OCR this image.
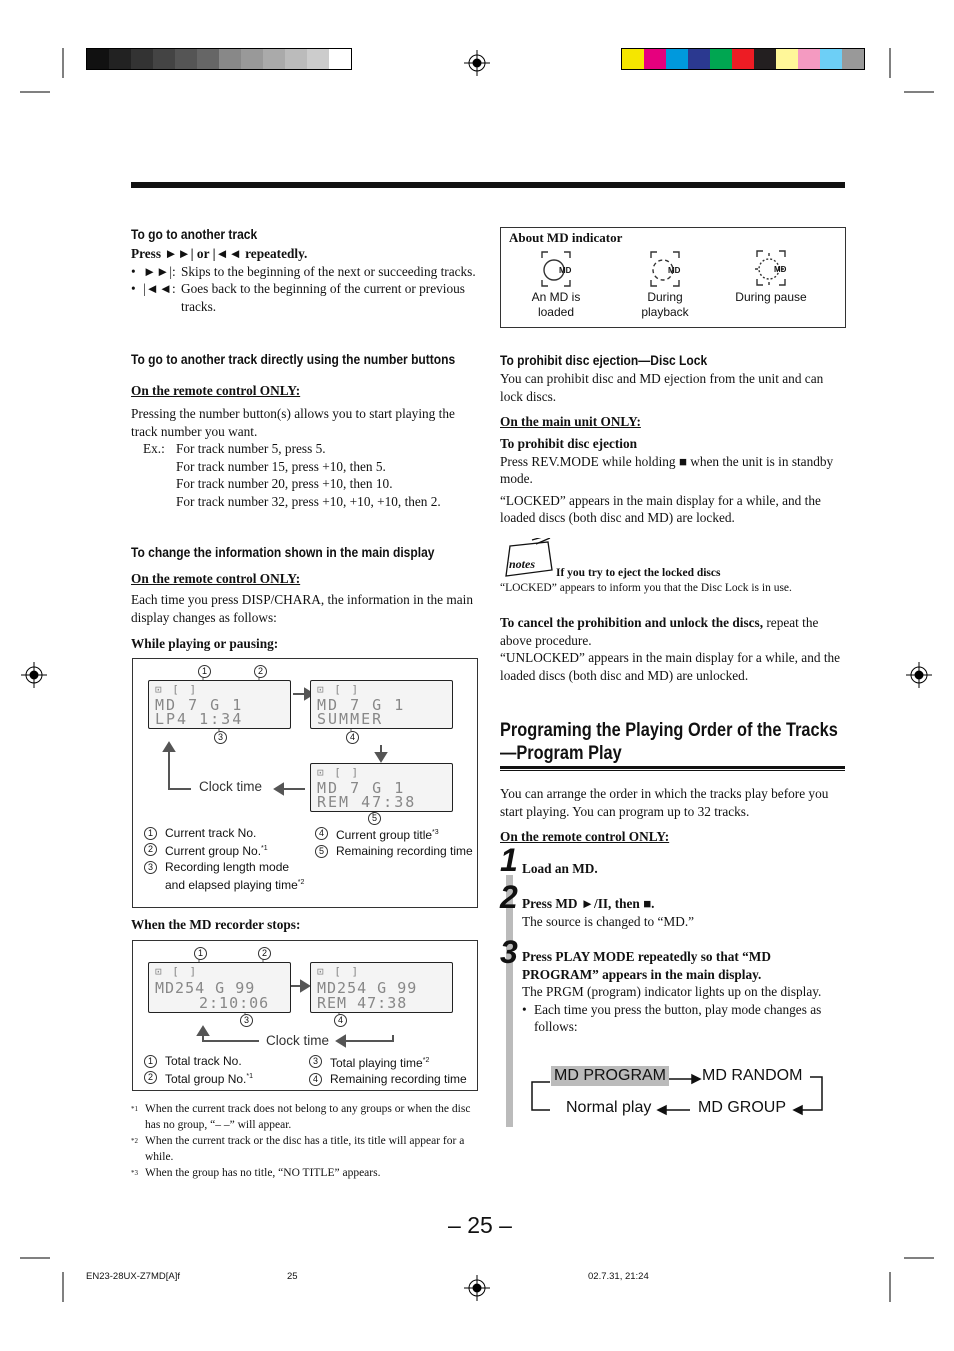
To go to another track
Press ►►| or |◄◄ repeatedly.
• ►►|: Skips to the beginning of the next or succeeding tracks.
• |◄◄: Goes back to the beginning of the current or previous tracks.
To go to another track directly using the number buttons
On the remote control ONLY:
Pressing the number button(s) allows you to start playing the track number you want.
Ex.: For track number 5, press 5.
For track number 15, press +10, then 5.
For track number 20, press +10, then 10.
For track number 32, press +10, +10, +10, then 2.
To change the information shown in the main display
On the remote control ONLY:
Each time you press DISP/CHARA, the information in the main display changes as follows:
While playing or pausing:
1	2
⊡ [ ]
MD 7 G 1
LP4 1:34
3
⊡ [ ]
MD 7 G 1
SUMMER
4
⊡ [ ]
MD 7 G 1
REM 47:38
5
Clock time
1	Current track No.
2	Current group No.$^{*1}$
3	Recording length mode and elapsed playing time$^{*2}$
4	Current group title$^{*3}$
5	Remaining recording time
When the MD recorder stops:
1	2
⊡ [ ]
MD254 G 99
2:10:06
⊡ [ ]
MD254 G 99
REM 47:38
3	4
Clock time
1	Total track No.
2	Total group No.$^{*1}$
3	Total playing time$^{*2}$
4	Remaining recording time
*1 When the current track does not belong to any groups or when the disc has no group, “– –” will appear.
*2 When the current track or the disc has a title, its title will appear for a while.
*3 When the group has no title, “NO TITLE” appears.
About MD indicator
MD
An MD is loaded
MD
During playback
MD
During pause
To prohibit disc ejection—Disc Lock
You can prohibit disc and MD ejection from the unit and can lock discs.
On the main unit ONLY:
To prohibit disc ejection
Press REV.MODE while holding ■ when the unit is in standby mode.
“LOCKED” appears in the main display for a while, and the loaded discs (both disc and MD) are locked.
notes
If you try to eject the locked discs
“LOCKED” appears to inform you that the Disc Lock is in use.
To cancel the prohibition and unlock the discs, repeat the above procedure.
“UNLOCKED” appears in the main display for a while, and the loaded discs (both disc and MD) are unlocked.
Programing the Playing Order of the Tracks
—Program Play
You can arrange the order in which the tracks play before you start playing. You can program up to 32 tracks.
On the remote control ONLY:
1 Load an MD.
2 Press MD ►/II, then ■.
The source is changed to “MD.”
3 Press PLAY MODE repeatedly so that “MD PROGRAM” appears in the main display.
The PRGM (program) indicator lights up on the display.
• Each time you press the button, play mode changes as follows:
MD PROGRAM MD RANDOM
MD GROUP
Normal play
– 25 –
EN23-28UX-Z7MD[A]f	25	02.7.31, 21:24
